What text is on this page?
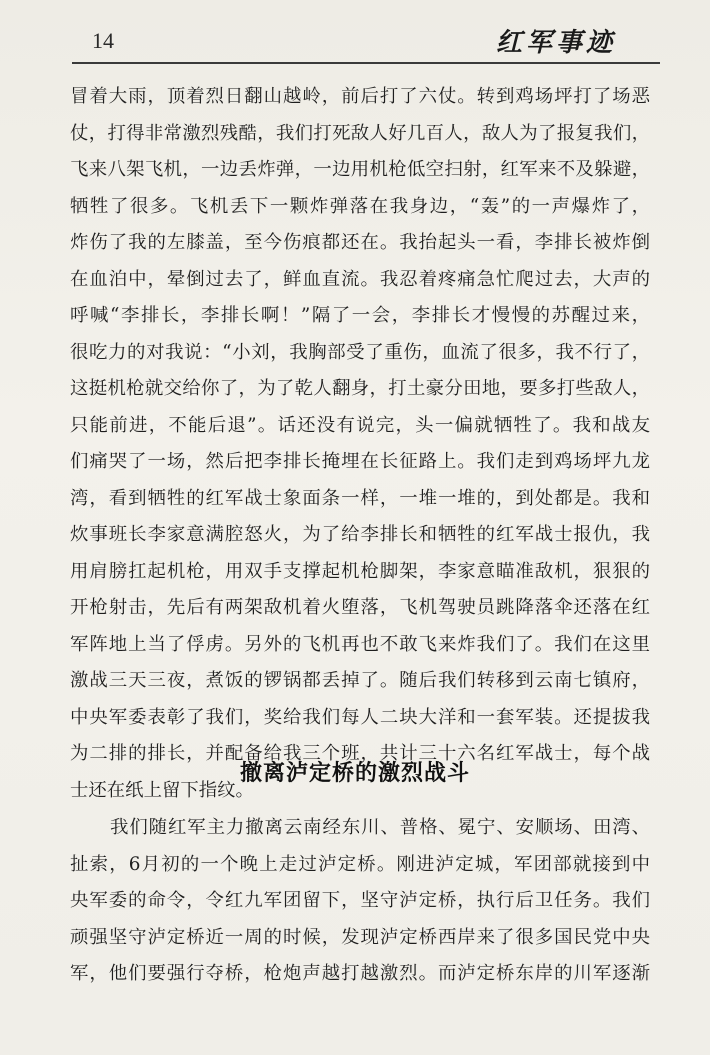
14	红军事迹
冒着大雨，顶着烈日翻山越岭，前后打了六仗。转到鸡场坪打了场恶
仗，打得非常激烈残酷，我们打死敌人好几百人，敌人为了报复我们，
飞来八架飞机，一边丢炸弹，一边用机枪低空扫射，红军来不及躲避，
牺牲了很多。飞机丢下一颗炸弹落在我身边，“轰”的一声爆炸了，
炸伤了我的左膝盖，至今伤痕都还在。我抬起头一看，李排长被炸倒
在血泊中，晕倒过去了，鲜血直流。我忍着疼痛急忙爬过去，大声的
呼喊“李排长，李排长啊！”隔了一会，李排长才慢慢的苏醒过来，
很吃力的对我说：“小刘，我胸部受了重伤，血流了很多，我不行了，
这挺机枪就交给你了，为了乾人翻身，打土豪分田地，要多打些敌人，
只能前进，不能后退”。话还没有说完，头一偏就牺牲了。我和战友
们痛哭了一场，然后把李排长掩埋在长征路上。我们走到鸡场坪九龙
湾，看到牺牲的红军战士象面条一样，一堆一堆的，到处都是。我和
炊事班长李家意满腔怒火，为了给李排长和牺牲的红军战士报仇，我
用肩膀扛起机枪，用双手支撑起机枪脚架，李家意瞄准敌机，狠狠的
开枪射击，先后有两架敌机着火堕落，飞机驾驶员跳降落伞还落在红
军阵地上当了俘虏。另外的飞机再也不敢飞来炸我们了。我们在这里
激战三天三夜，煮饭的锣锅都丢掉了。随后我们转移到云南七镇府，
中央军委表彰了我们，奖给我们每人二块大洋和一套军装。还提拔我
为二排的排长，并配备给我三个班，共计三十六名红军战士，每个战
士还在纸上留下指纹。
撤离泸定桥的激烈战斗
我们随红军主力撤离云南经东川、普格、冕宁、安顺场、田湾、
扯索，6月初的一个晚上走过泸定桥。刚进泸定城，军团部就接到中
央军委的命令，令红九军团留下，坚守泸定桥，执行后卫任务。我们
顽强坚守泸定桥近一周的时候，发现泸定桥西岸来了很多国民党中央
军，他们要强行夺桥，枪炮声越打越激烈。而泸定桥东岸的川军逐渐
